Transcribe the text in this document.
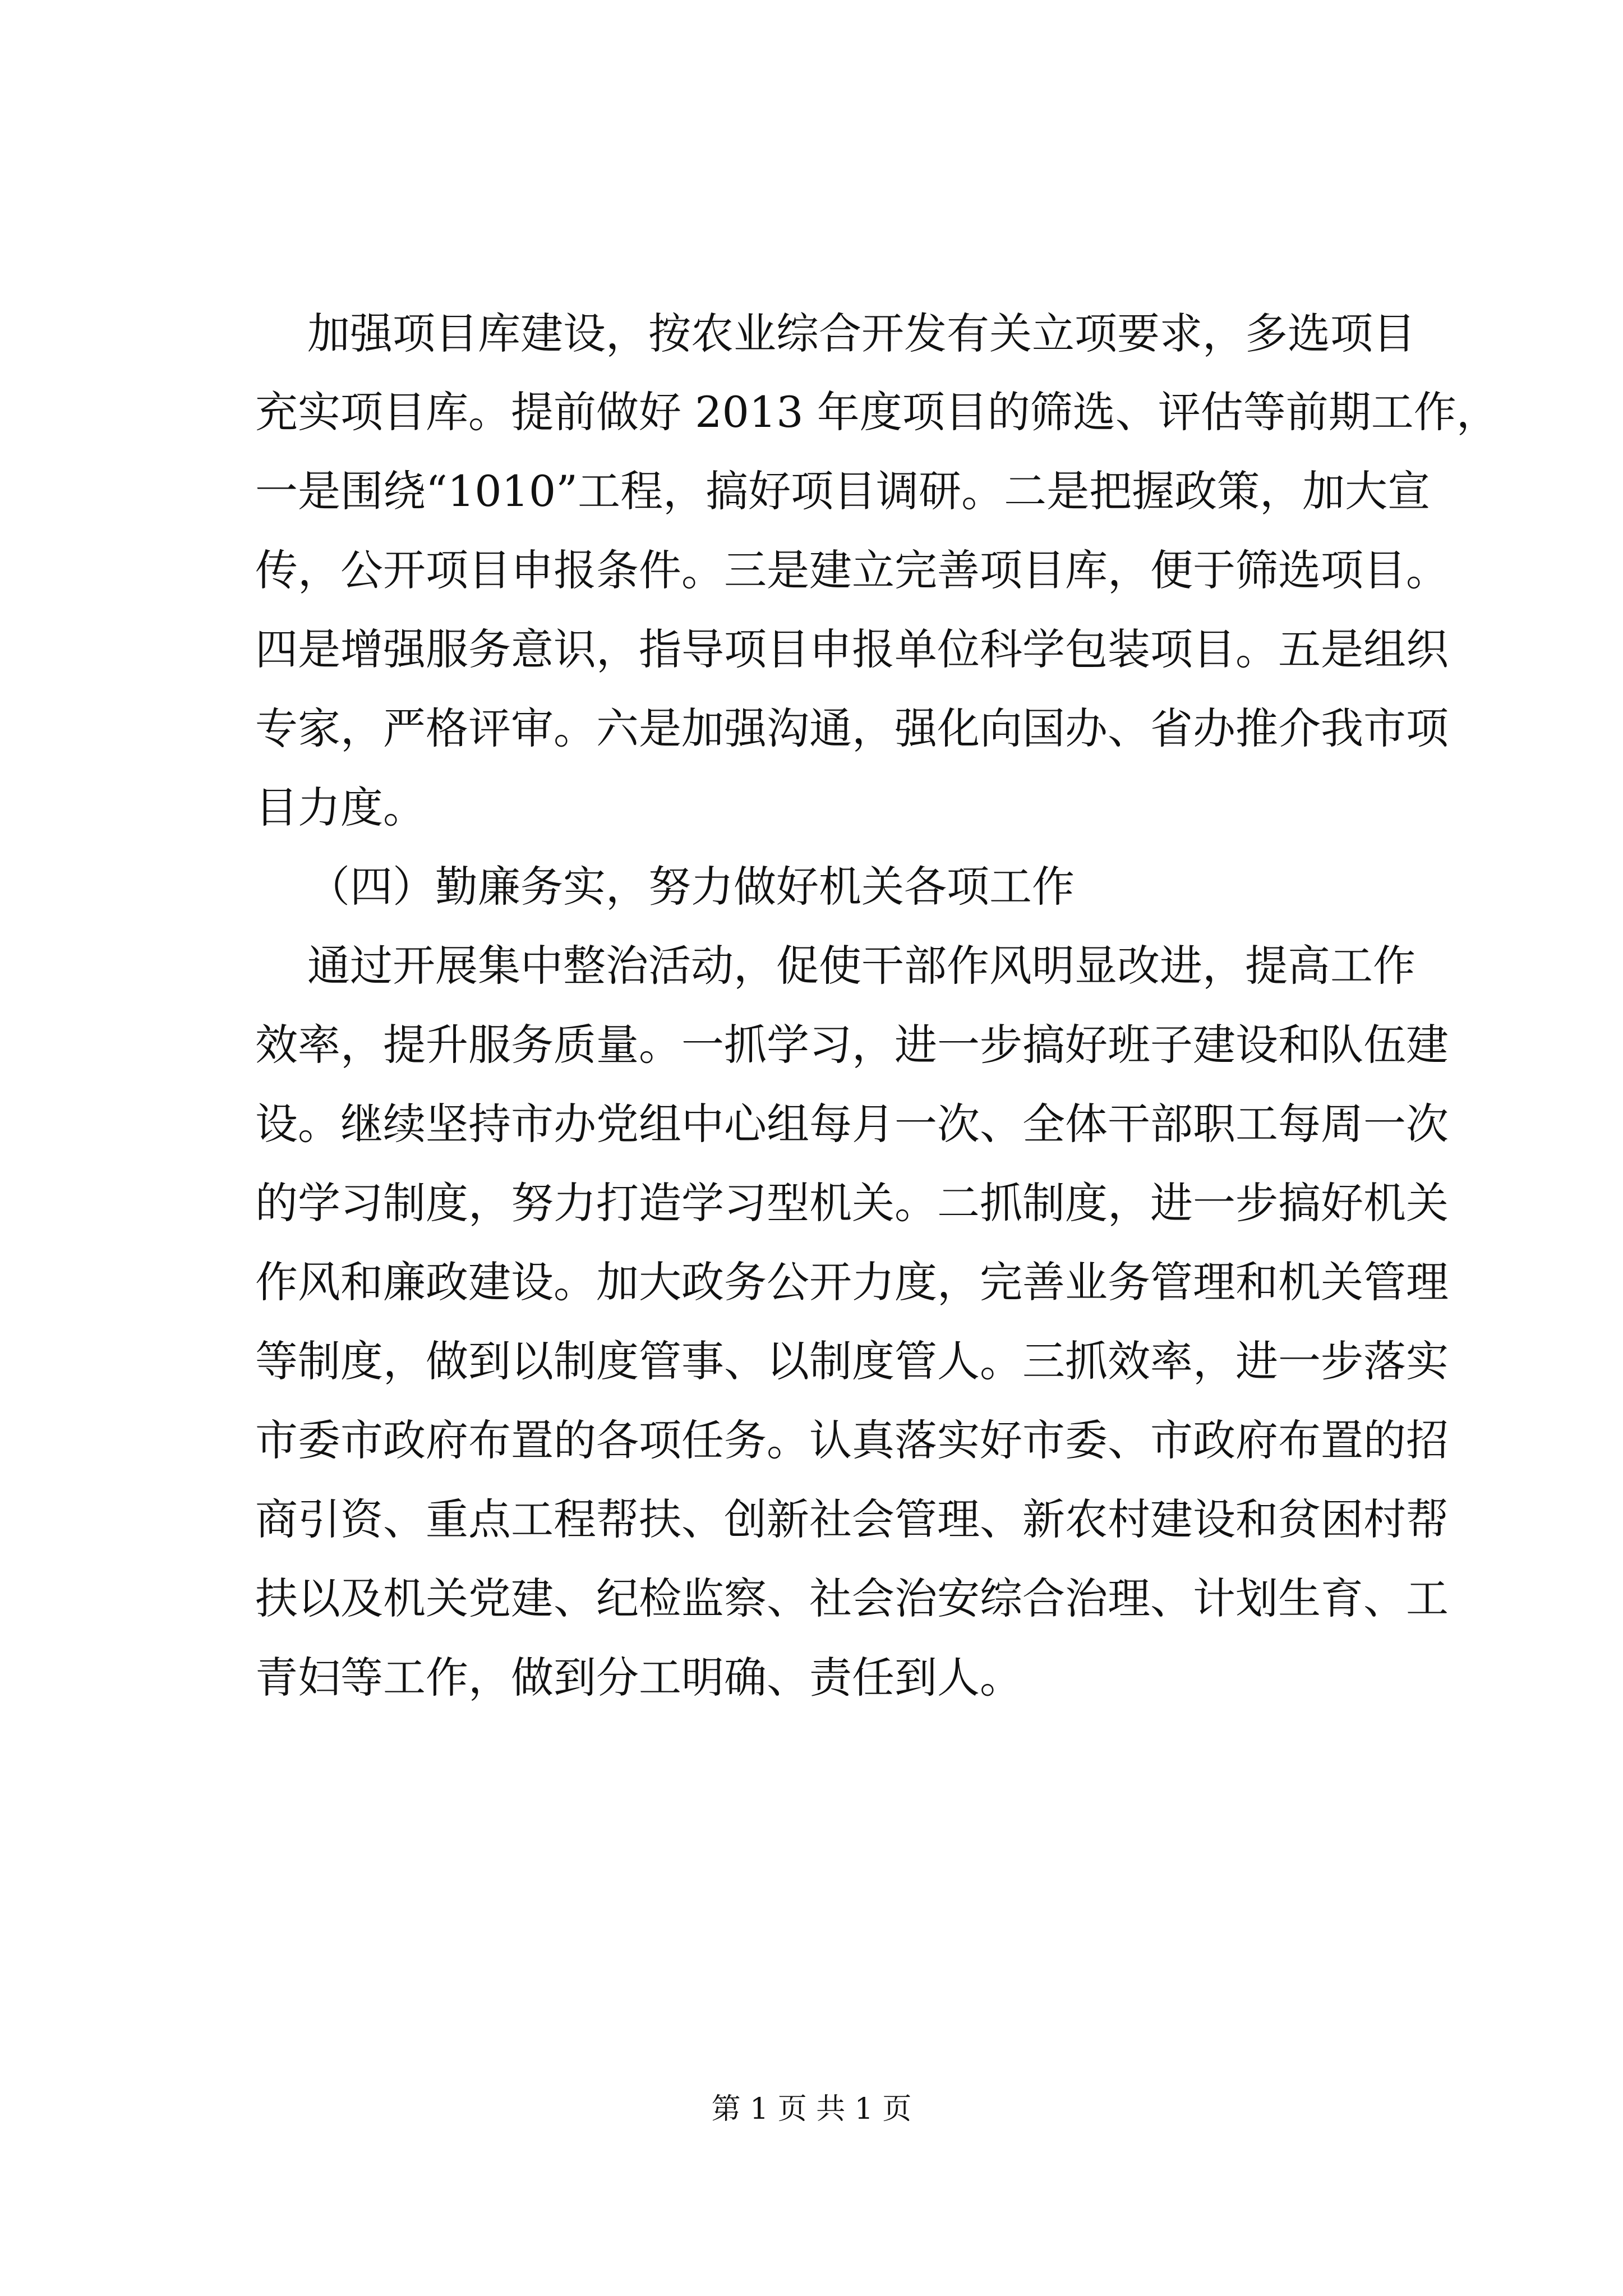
加强项目库建设，按农业综合开发有关立项要求，多选项目
充实项目库。提前做好 2013 年度项目的筛选、评估等前期工作，
一是围绕“1010”工程，搞好项目调研。二是把握政策，加大宣
传，公开项目申报条件。三是建立完善项目库，便于筛选项目。
四是增强服务意识，指导项目申报单位科学包装项目。五是组织
专家，严格评审。六是加强沟通，强化向国办、省办推介我市项
目力度。
（四）勤廉务实，努力做好机关各项工作
通过开展集中整治活动，促使干部作风明显改进，提高工作
效率，提升服务质量。一抓学习，进一步搞好班子建设和队伍建
设。继续坚持市办党组中心组每月一次、全体干部职工每周一次
的学习制度，努力打造学习型机关。二抓制度，进一步搞好机关
作风和廉政建设。加大政务公开力度，完善业务管理和机关管理
等制度，做到以制度管事、以制度管人。三抓效率，进一步落实
市委市政府布置的各项任务。认真落实好市委、市政府布置的招
商引资、重点工程帮扶、创新社会管理、新农村建设和贫困村帮
扶以及机关党建、纪检监察、社会治安综合治理、计划生育、工
青妇等工作，做到分工明确、责任到人。
第 1 页 共 1 页
